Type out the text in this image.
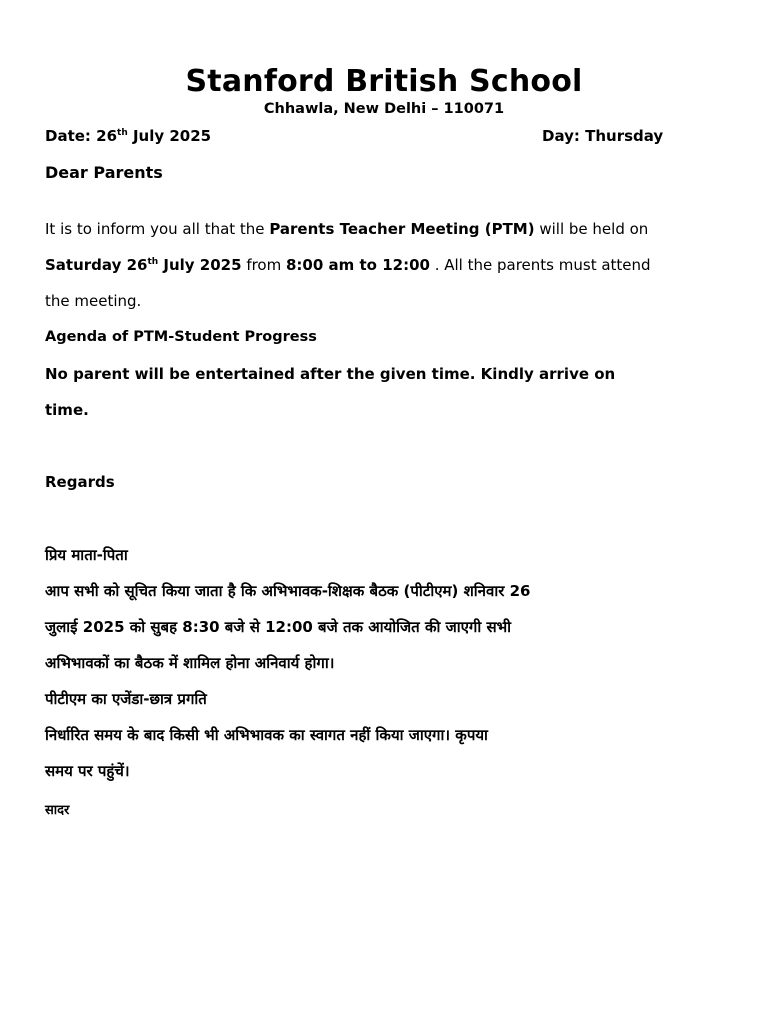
Stanford British School
Chhawla, New Delhi – 110071
Date: 26th July 2025	Day: Thursday
Dear Parents
It is to inform you all that the Parents Teacher Meeting (PTM) will be held on
Saturday 26th July 2025 from 8:00 am to 12:00 . All the parents must attend
the meeting.
Agenda of PTM-Student Progress
No parent will be entertained after the given time. Kindly arrive on
time.
Regards
प्रिय माता-पिता
आप सभी को सूचित किया जाता है कि अभिभावक-शिक्षक बैठक (पीटीएम) शनिवार 26
जुलाई 2025 को सुबह 8:30 बजे से 12:00 बजे तक आयोजित की जाएगी सभी
अभिभावकों का बैठक में शामिल होना अनिवार्य होगा।
पीटीएम का एजेंडा-छात्र प्रगति
निर्धारित समय के बाद किसी भी अभिभावक का स्वागत नहीं किया जाएगा। कृपया
समय पर पहुंचें।
सादर
